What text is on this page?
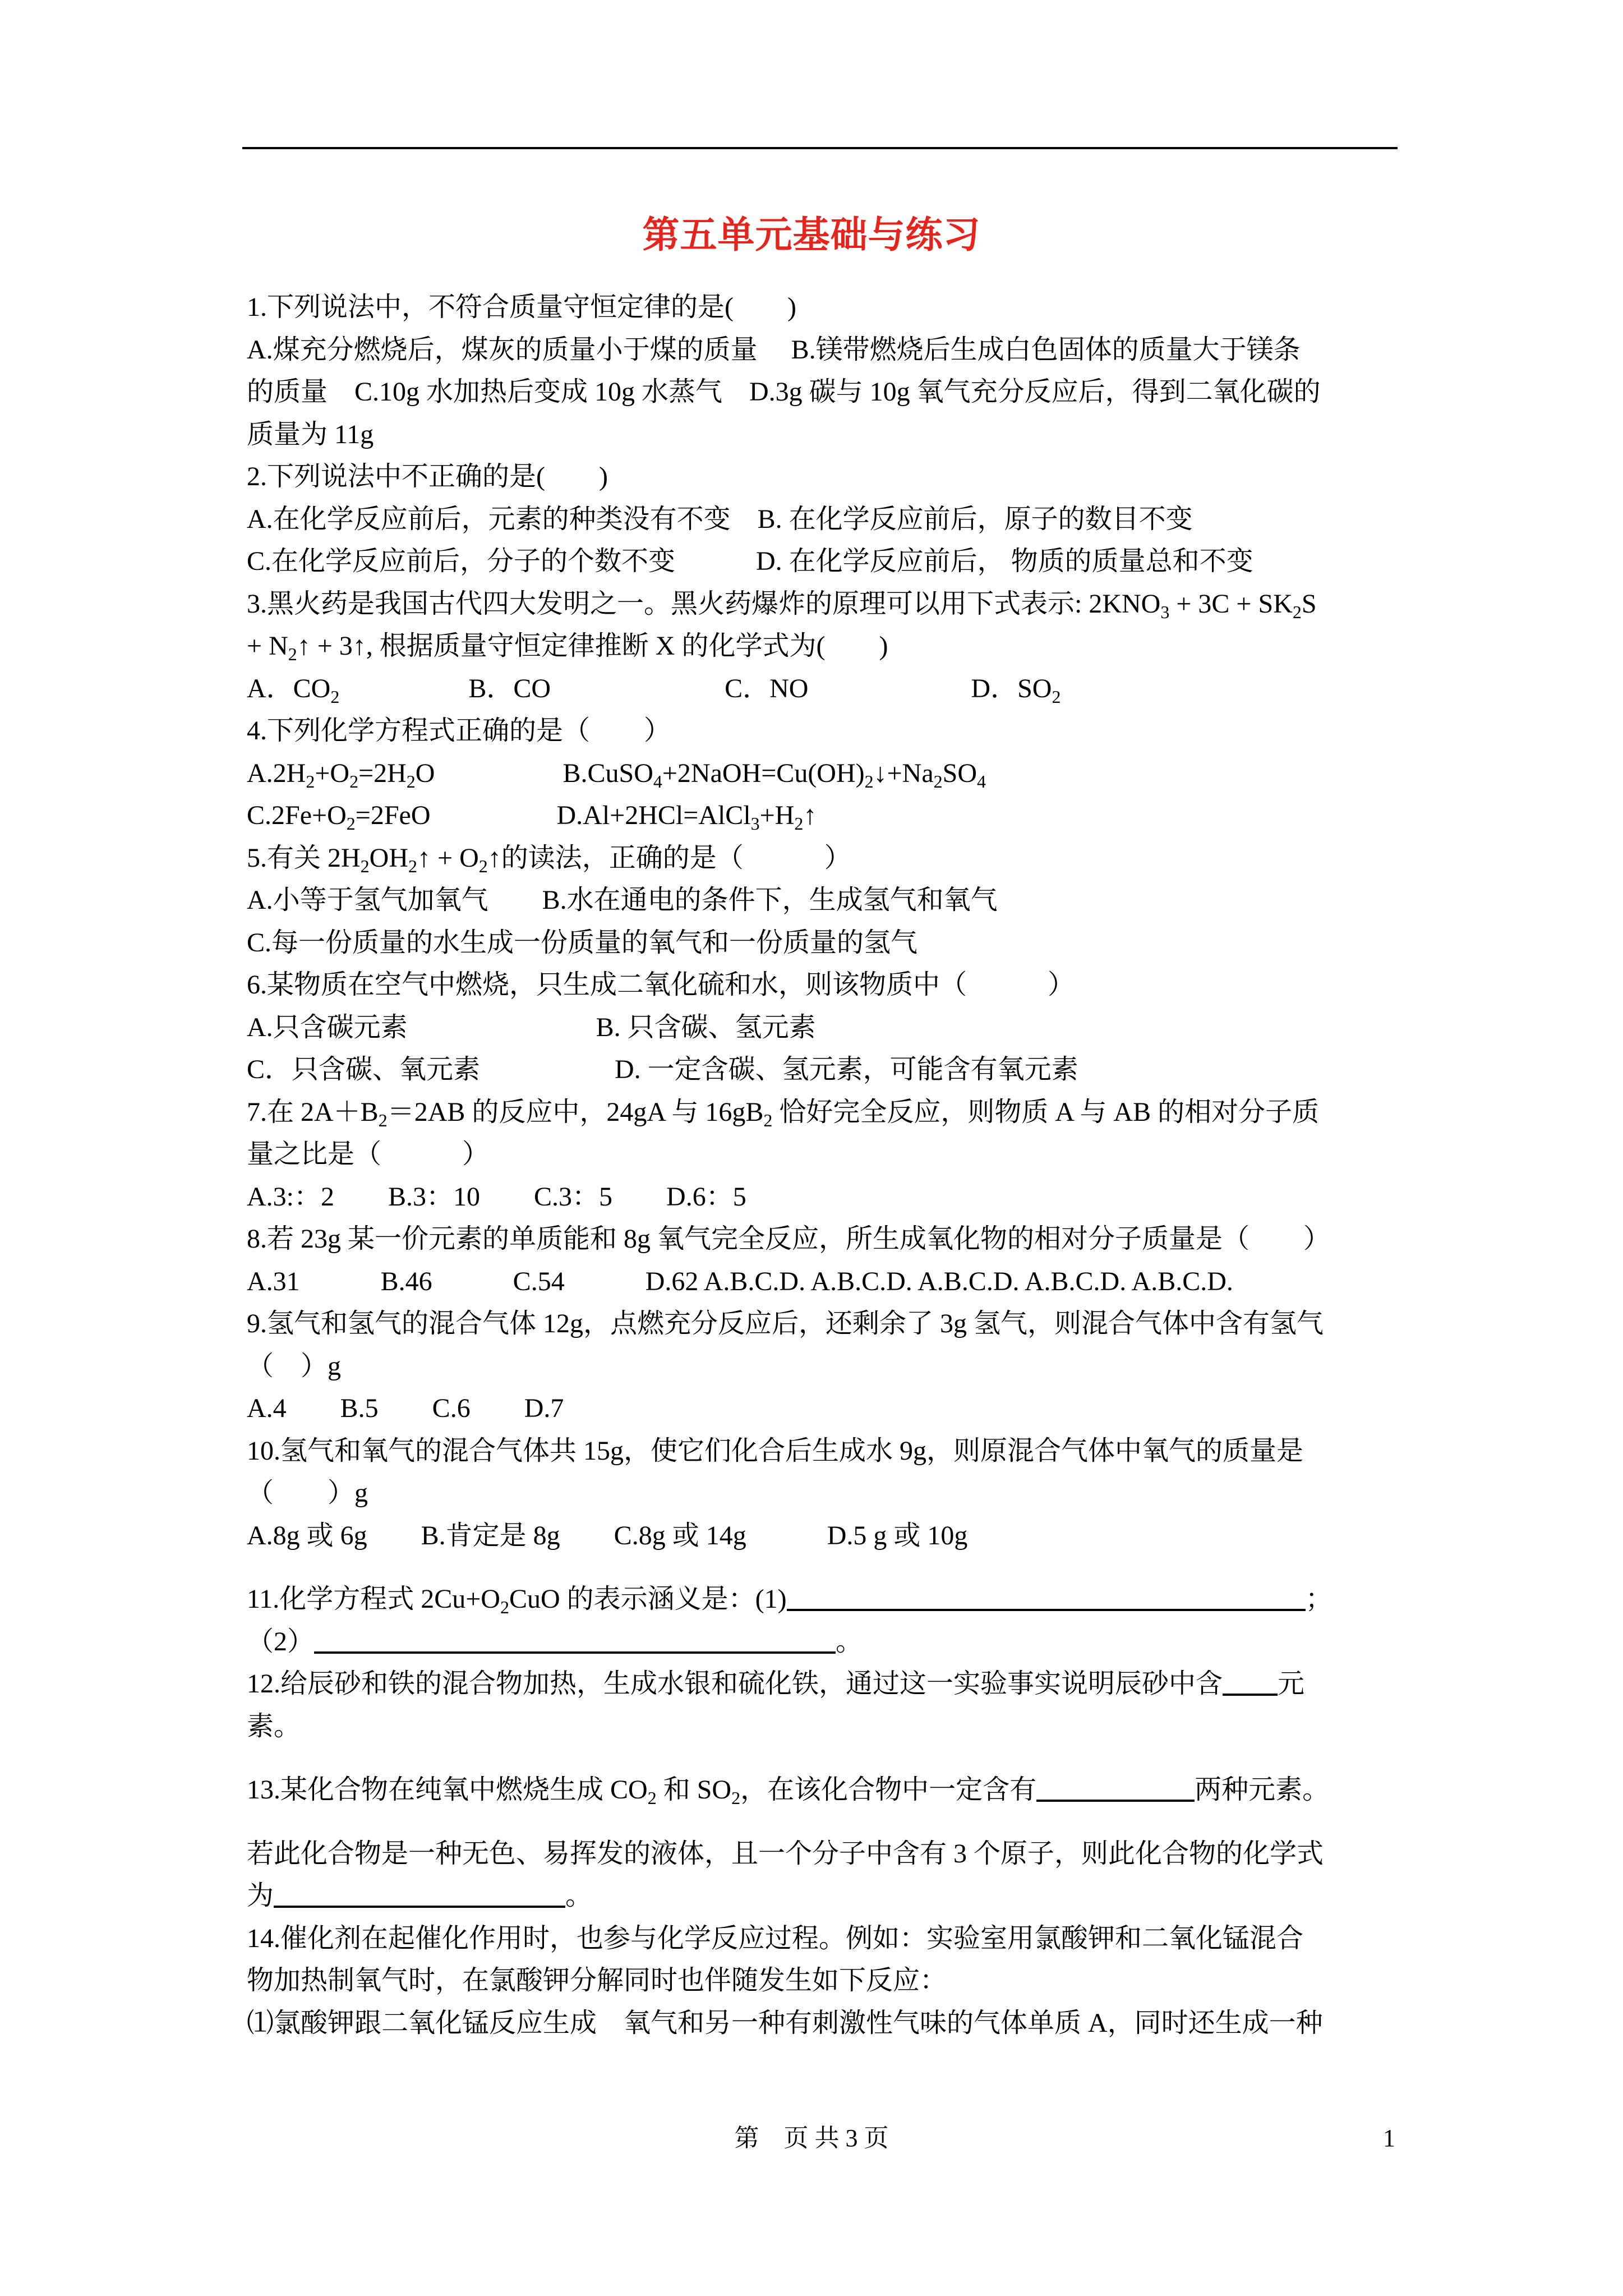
第五单元基础与练习

1.下列说法中，不符合质量守恒定律的是(　　)

A.煤充分燃烧后，煤灰的质量小于煤的质量　 B.镁带燃烧后生成白色固体的质量大于镁条

的质量　C.10g 水加热后变成 10g 水蒸气　D.3g 碳与 10g 氧气充分反应后，得到二氧化碳的

质量为 11g

2.下列说法中不正确的是(　　)

A.在化学反应前后，元素的种类没有不变　B. 在化学反应前后，原子的数目不变

C.在化学反应前后，分子的个数不变　　　D. 在化学反应前后， 物质的质量总和不变

3.黑火药是我国古代四大发明之一。黑火药爆炸的原理可以用下式表示: $2KNO_3 + 3C + SK_2S$

+ $N_2↑$ + 3↑, 根据质量守恒定律推断 X 的化学式为(　　)

A．$CO_2$	B．CO	C．NO	D．$SO_2$

4.下列化学方程式正确的是（　　）

$A.2H_2+O_2=2H_2O$	$B.CuSO_4+2NaOH=Cu(OH)_2↓+Na_2SO_4$

$C.2Fe+O_2=2FeO$	$D.Al+2HCl=AlCl_3+H_2↑$

5.有关 $2H_2OH_2↑$ + $O_2↑$的读法，正确的是（　　　）

A.小等于氢气加氧气　　B.水在通电的条件下，生成氢气和氧气

C.每一份质量的水生成一份质量的氧气和一份质量的氢气

6.某物质在空气中燃烧，只生成二氧化硫和水，则该物质中（　　　）

A.只含碳元素　　　　　　　B. 只含碳、氢元素

C．只含碳、氧元素　　　　　D. 一定含碳、氢元素，可能含有氧元素

7.在 $2A+B_2=2AB$ 的反应中，24gA 与 $16gB_2$ 恰好完全反应，则物质 A 与 AB 的相对分子质

量之比是（　　　）

A.3:：2　　B.3：10　　C.3：5　　D.6：5

8.若 23g 某一价元素的单质能和 8g 氧气完全反应，所生成氧化物的相对分子质量是（　　）

A.31　　　B.46　　　C.54　　　D.62 A.B.C.D. A.B.C.D. A.B.C.D. A.B.C.D. A.B.C.D.

9.氢气和氢气的混合气体 12g，点燃充分反应后，还剩余了 3g 氢气，则混合气体中含有氢气

（　）g

A.4　　B.5　　C.6　　D.7

10.氢气和氧气的混合气体共 15g，使它们化合后生成水 9g，则原混合气体中氧气的质量是

（　　）g

A.8g 或 6g　　B.肯定是 8g　　C.8g 或 14g　　　D.5 g 或 10g

11.化学方程式 $2Cu+O_2CuO$ 的表示涵义是：(1)	；

（2）	。

12.给辰砂和铁的混合物加热，生成水银和硫化铁，通过这一实验事实说明辰砂中含 元

素。

13.某化合物在纯氧中燃烧生成 $CO_2$ 和 $SO_2$，在该化合物中一定含有	两种元素。

若此化合物是一种无色、易挥发的液体，且一个分子中含有 3 个原子，则此化合物的化学式

为	。

14.催化剂在起催化作用时，也参与化学反应过程。例如：实验室用氯酸钾和二氧化锰混合

物加热制氧气时，在氯酸钾分解同时也伴随发生如下反应：

⑴氯酸钾跟二氧化锰反应生成　氧气和另一种有刺激性气味的气体单质 A，同时还生成一种

第　页 共 3 页	1
